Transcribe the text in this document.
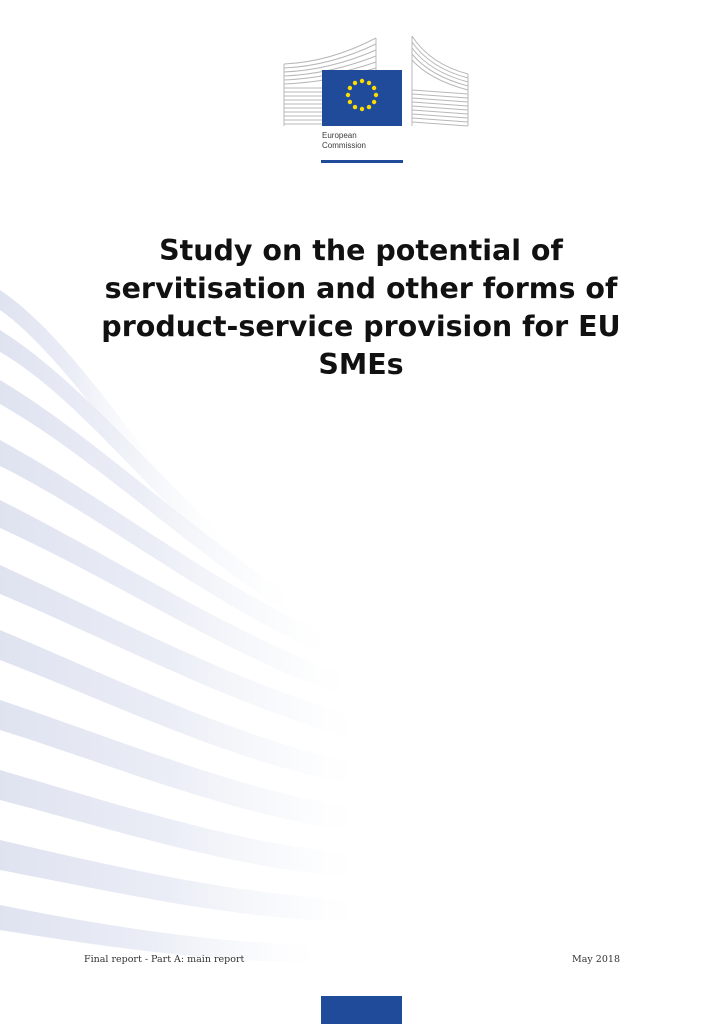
European
Commission
Study on the potential of servitisation and other forms of product-service provision for EU SMEs
Final report - Part A: main report	May 2018
